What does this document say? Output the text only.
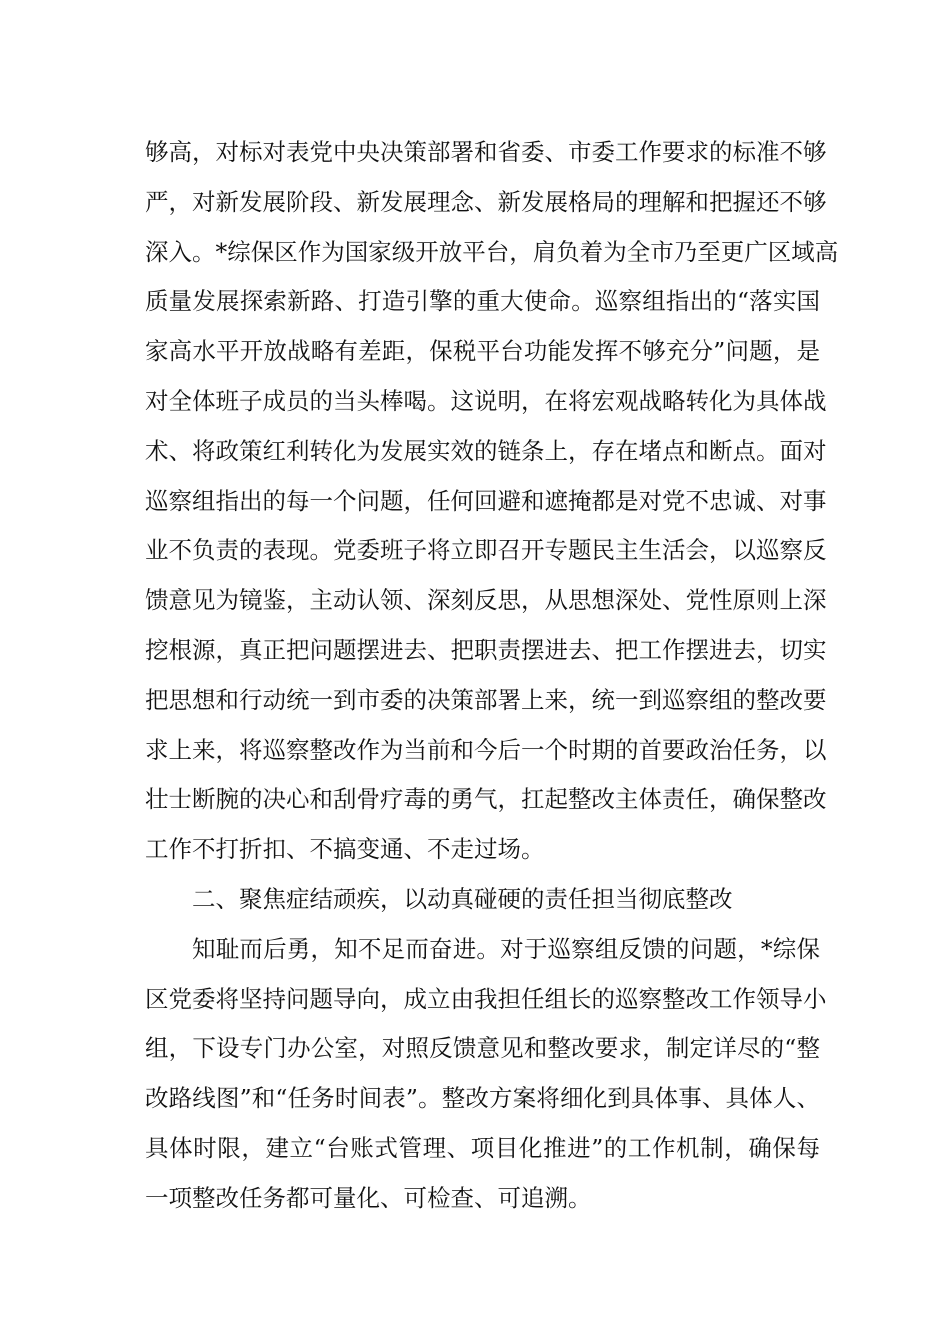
够高，对标对表党中央决策部署和省委、市委工作要求的标准不够
严，对新发展阶段、新发展理念、新发展格局的理解和把握还不够
深入。*综保区作为国家级开放平台，肩负着为全市乃至更广区域高
质量发展探索新路、打造引擎的重大使命。巡察组指出的“落实国
家高水平开放战略有差距，保税平台功能发挥不够充分”问题，是
对全体班子成员的当头棒喝。这说明，在将宏观战略转化为具体战
术、将政策红利转化为发展实效的链条上，存在堵点和断点。面对
巡察组指出的每一个问题，任何回避和遮掩都是对党不忠诚、对事
业不负责的表现。党委班子将立即召开专题民主生活会，以巡察反
馈意见为镜鉴，主动认领、深刻反思，从思想深处、党性原则上深
挖根源，真正把问题摆进去、把职责摆进去、把工作摆进去，切实
把思想和行动统一到市委的决策部署上来，统一到巡察组的整改要
求上来，将巡察整改作为当前和今后一个时期的首要政治任务，以
壮士断腕的决心和刮骨疗毒的勇气，扛起整改主体责任，确保整改
工作不打折扣、不搞变通、不走过场。
二、聚焦症结顽疾，以动真碰硬的责任担当彻底整改
知耻而后勇，知不足而奋进。对于巡察组反馈的问题，*综保
区党委将坚持问题导向，成立由我担任组长的巡察整改工作领导小
组，下设专门办公室，对照反馈意见和整改要求，制定详尽的“整
改路线图”和“任务时间表”。整改方案将细化到具体事、具体人、
具体时限，建立“台账式管理、项目化推进”的工作机制，确保每
一项整改任务都可量化、可检查、可追溯。
